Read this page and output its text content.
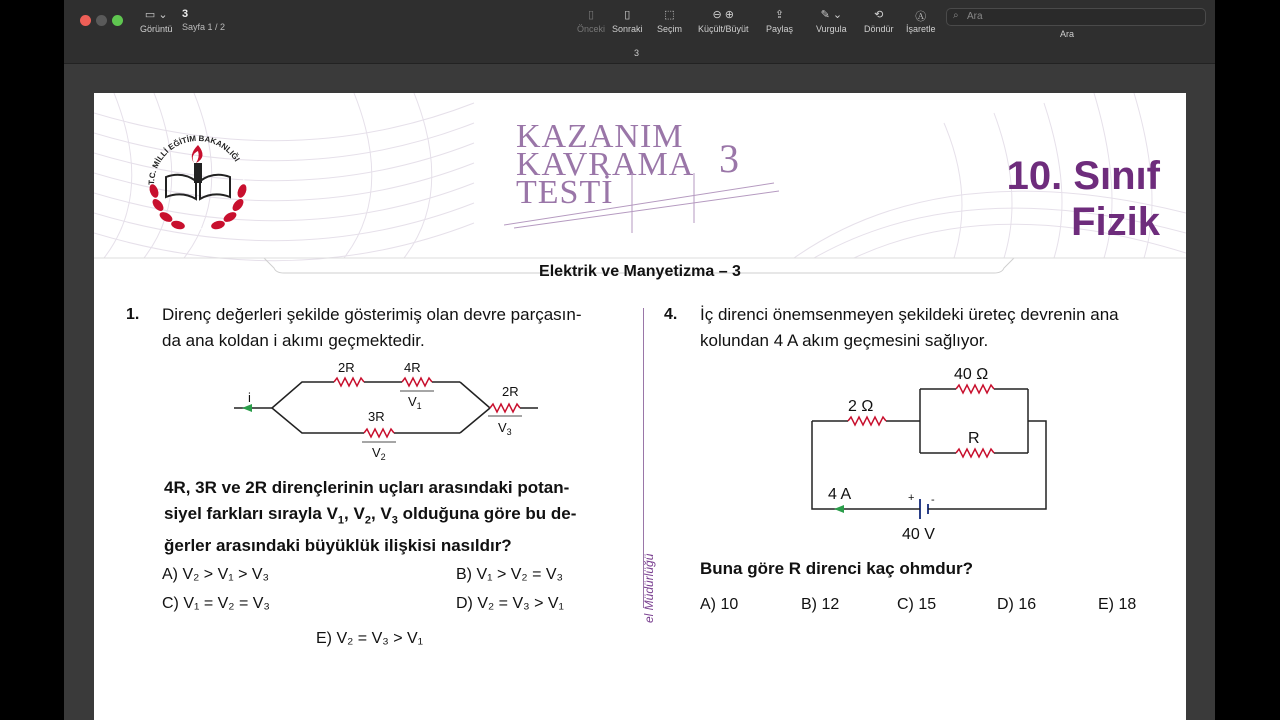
▭ ⌄
Görüntü
3
Sayfa 1 / 2
▯
Önceki
▯
Sonraki
⬚
Seçim
⊖ ⊕
Küçült/Büyüt
⇪
Paylaş
✎ ⌄
Vurgula
⟲
Döndür
Ⓐ
İşaretle
⌕ Ara
Ara
3
T.C. MİLLİ EĞİTİM BAKANLIĞI
KAZANIM
KAVRAMA
TESTİ
3	10. Sınıf
Fizik
Elektrik ve Manyetizma – 3
1. Direnç değerleri şekilde gösterimiş olan devre parçasın-
da ana koldan i akımı geçmektedir.
i
2R	4R
3R
2R
$V_1$
$V_2$
$V_3$
4R, 3R ve 2R dirençlerinin uçları arasındaki potan-
siyel farkları sırayla $V_1$, $V_2$, $V_3$ olduğuna göre bu de-
ğerler arasındaki büyüklük ilişkisi nasıldır?
A) V₂ > V₁ > V₃	B) V₁ > V₂ = V₃
C) V₁ = V₂ = V₃	D) V₂ = V₃ > V₁
E) V₂ = V₃ > V₁
el Müdürlüğü
4. İç direnci önemsenmeyen şekildeki üreteç devrenin ana
kolundan 4 A akım geçmesini sağlıyor.
+ -
2 Ω
40 Ω
R
4 A
40 V
Buna göre R direnci kaç ohmdur?
A) 10	B) 12	C) 15	D) 16	E) 18
